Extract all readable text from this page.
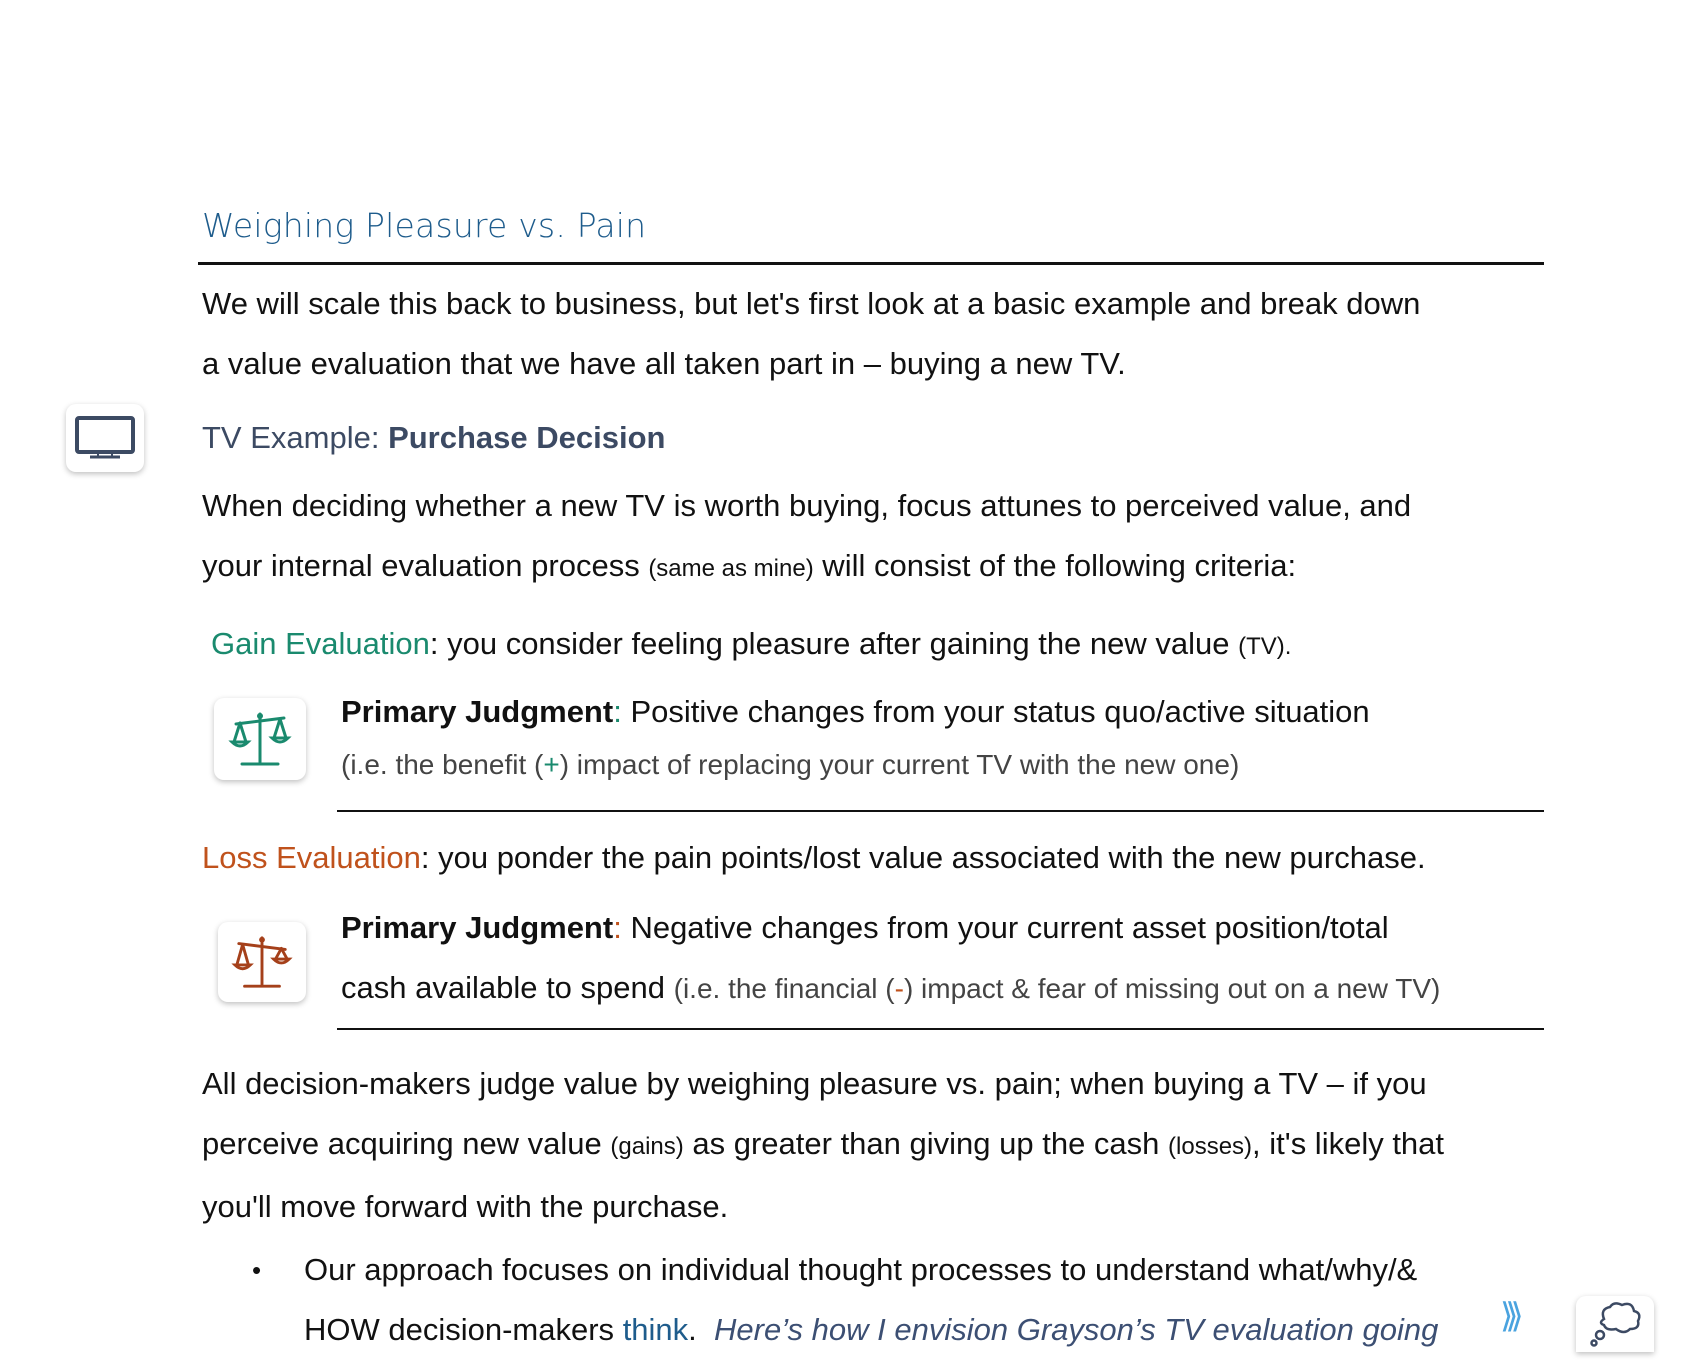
Weighing Pleasure vs. Pain
We will scale this back to business, but let's first look at a basic example and break down
a value evaluation that we have all taken part in – buying a new TV.
TV Example: Purchase Decision
When deciding whether a new TV is worth buying, focus attunes to perceived value, and
your internal evaluation process (same as mine) will consist of the following criteria:
Gain Evaluation: you consider feeling pleasure after gaining the new value (TV).
Primary Judgment: Positive changes from your status quo/active situation
(i.e. the benefit (+) impact of replacing your current TV with the new one)
Loss Evaluation: you ponder the pain points/lost value associated with the new purchase.
Primary Judgment: Negative changes from your current asset position/total
cash available to spend (i.e. the financial (-) impact & fear of missing out on a new TV)
All decision-makers judge value by weighing pleasure vs. pain; when buying a TV – if you
perceive acquiring new value (gains) as greater than giving up the cash (losses), it's likely that
you'll move forward with the purchase.
• Our approach focuses on individual thought processes to understand what/why/&
HOW decision-makers think.  Here’s how I envision Grayson’s TV evaluation going	⟩⟩⟩
